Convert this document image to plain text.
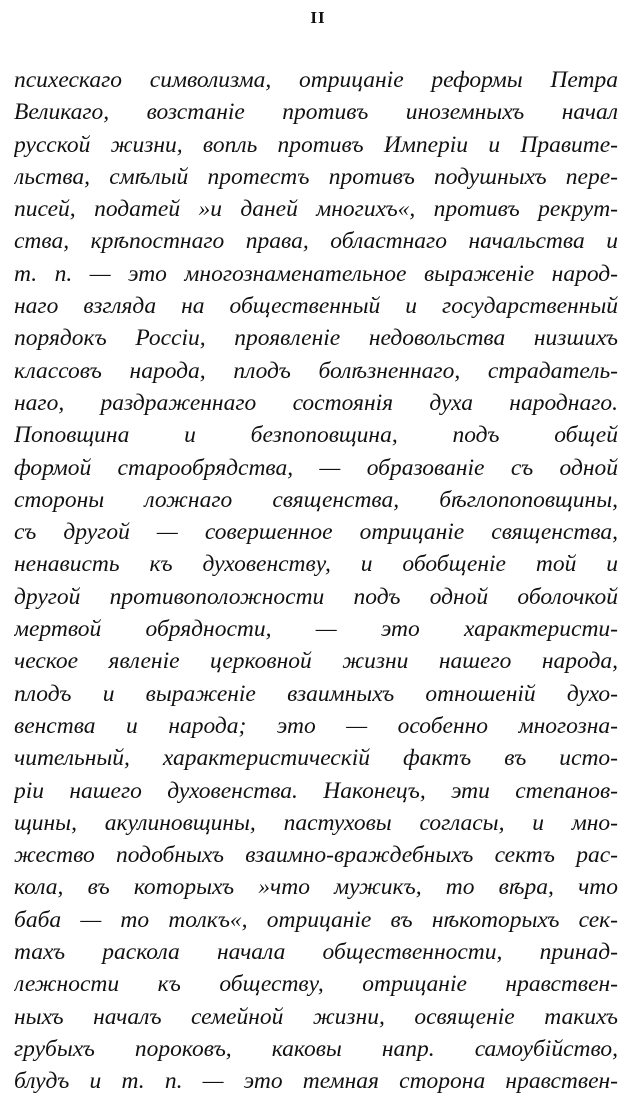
II
психескаго символизма, отрицаніе реформы Петра
Великаго, возстаніе противъ иноземныхъ начал
русской жизни, вопль противъ Имперіи и Правите-
льства, смѣлый протестъ противъ подушныхъ пере-
писей, податей »и даней многихъ«, противъ рекрут-
ства, крѣпостнаго права, областнаго начальства и
т. п. — это многознаменательное выраженіе народ-
наго взгляда на общественный и государственный
порядокъ Россіи, проявленіе недовольства низшихъ
классовъ народа, плодъ болѣзненнаго, страдатель-
наго, раздраженнаго состоянія духа народнаго.
Поповщина и безпоповщина, подъ общей
формой старообрядства, — образованіе съ одной
стороны ложнаго священства, бѣглопоповщины,
съ другой — совершенное отрицаніе священства,
ненависть къ духовенству, и обобщеніе той и
другой противоположности подъ одной оболочкой
мертвой обрядности, — это характеристи-
ческое явленіе церковной жизни нашего народа,
плодъ и выраженіе взаимныхъ отношеній духо-
венства и народа; это — особенно многозна-
чительный, характеристическій фактъ въ исто-
ріи нашего духовенства. Наконецъ, эти степанов-
щины, акулиновщины, пастуховы согласы, и мно-
жество подобныхъ взаимно-враждебныхъ сектъ рас-
кола, въ которыхъ »что мужикъ, то вѣра, что
баба — то толкъ«, отрицаніе въ нѣкоторыхъ сек-
тахъ раскола начала общественности, принад-
лежности къ обществу, отрицаніе нравствен-
ныхъ началъ семейной жизни, освященіе такихъ
грубыхъ пороковъ, каковы напр. самоубійство,
блудъ и т. п. — это темная сторона нравствен-
